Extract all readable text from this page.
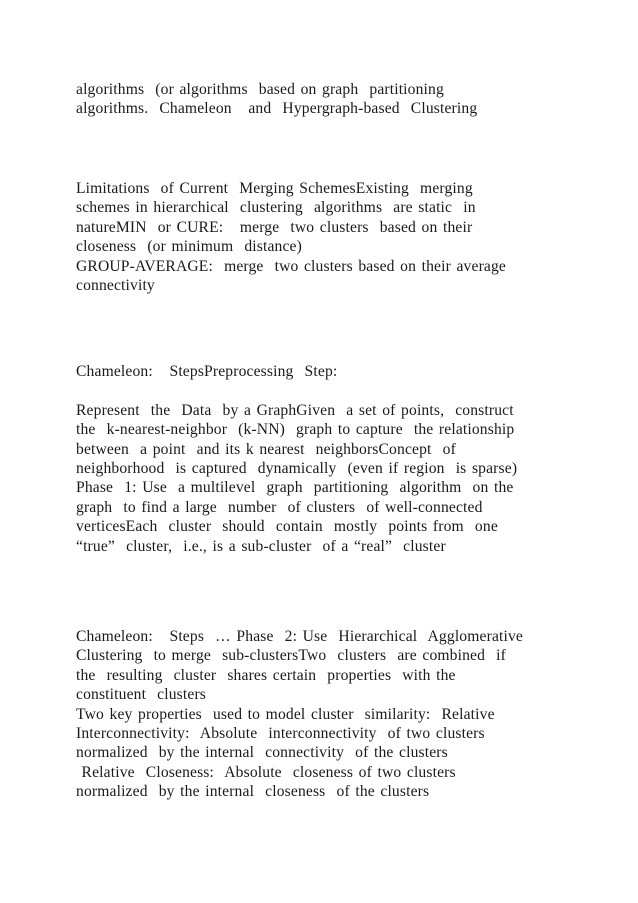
algorithms  (or algorithms  based on graph  partitioning
algorithms.  Chameleon   and  Hypergraph-based  Clustering
Limitations  of Current  Merging SchemesExisting  merging
schemes in hierarchical  clustering  algorithms  are static  in
natureMIN  or CURE:   merge  two clusters  based on their
closeness  (or minimum  distance)
GROUP-AVERAGE:  merge  two clusters based on their average
connectivity
Chameleon:   StepsPreprocessing  Step:

Represent  the  Data  by a GraphGiven  a set of points,  construct
the  k-nearest-neighbor  (k-NN)  graph to capture  the relationship
between  a point  and its k nearest  neighborsConcept  of
neighborhood  is captured  dynamically  (even if region  is sparse)
Phase  1: Use  a multilevel  graph  partitioning  algorithm  on the
graph  to find a large  number  of clusters  of well-connected
verticesEach  cluster  should  contain  mostly  points from  one
“true”  cluster,  i.e., is a sub-cluster  of a “real”  cluster
Chameleon:   Steps  … Phase  2: Use  Hierarchical  Agglomerative
Clustering  to merge  sub-clustersTwo  clusters  are combined  if
the  resulting  cluster  shares certain  properties  with the
constituent  clusters
Two key properties  used to model cluster  similarity:  Relative
Interconnectivity:  Absolute  interconnectivity  of two clusters
normalized  by the internal  connectivity  of the clusters
Relative  Closeness:  Absolute  closeness of two clusters
normalized  by the internal  closeness  of the clusters
